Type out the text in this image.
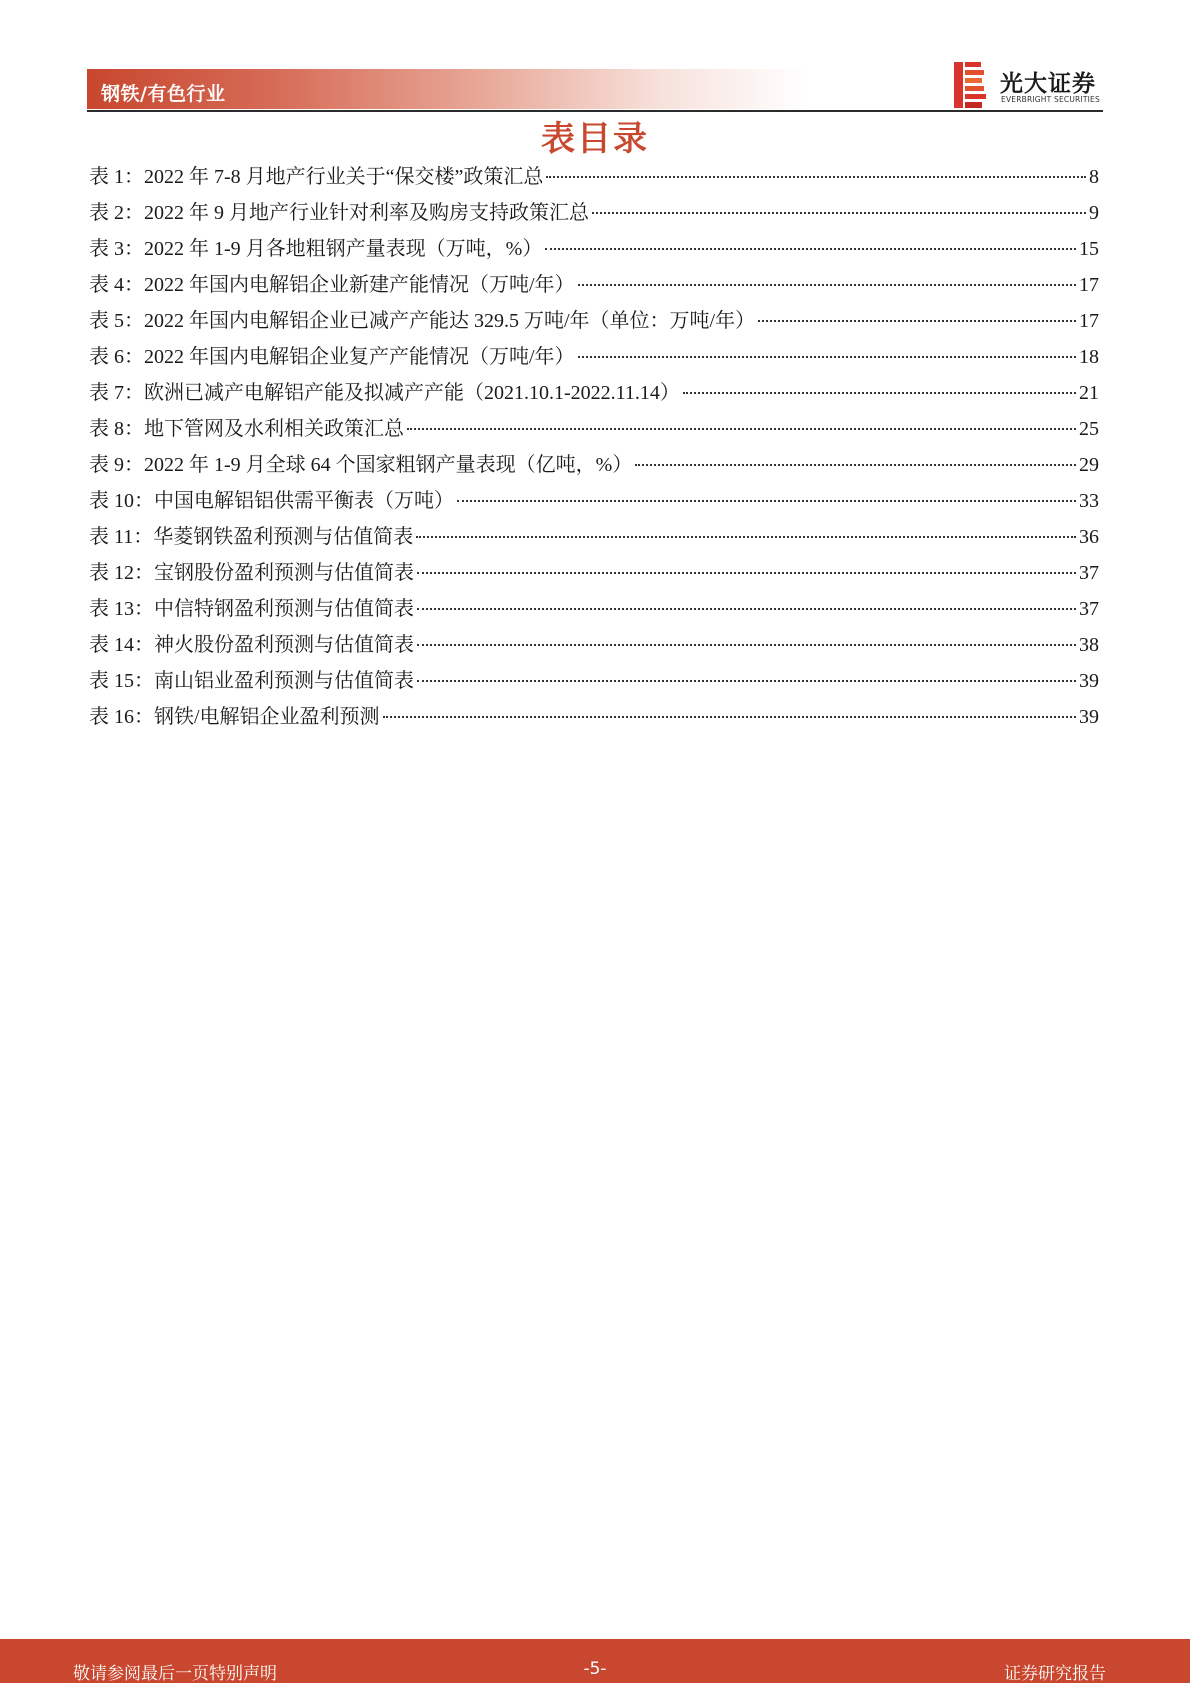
钢铁/有色行业	光大证券
EVERBRIGHT SECURITIES
表目录
表 1：2022 年 7-8 月地产行业关于“保交楼”政策汇总	8
表 2：2022 年 9 月地产行业针对利率及购房支持政策汇总	9
表 3：2022 年 1-9 月各地粗钢产量表现（万吨，%）	15
表 4：2022 年国内电解铝企业新建产能情况（万吨/年）	17
表 5：2022 年国内电解铝企业已减产产能达 329.5 万吨/年（单位：万吨/年）	17
表 6：2022 年国内电解铝企业复产产能情况（万吨/年）	18
表 7：欧洲已减产电解铝产能及拟减产产能（2021.10.1-2022.11.14）	21
表 8：地下管网及水利相关政策汇总	25
表 9：2022 年 1-9 月全球 64 个国家粗钢产量表现（亿吨，%）	29
表 10：中国电解铝铝供需平衡表（万吨）	33
表 11：华菱钢铁盈利预测与估值简表	36
表 12：宝钢股份盈利预测与估值简表	37
表 13：中信特钢盈利预测与估值简表	37
表 14：神火股份盈利预测与估值简表	38
表 15：南山铝业盈利预测与估值简表	39
表 16：钢铁/电解铝企业盈利预测	39
敬请参阅最后一页特别声明	-5-	证券研究报告
